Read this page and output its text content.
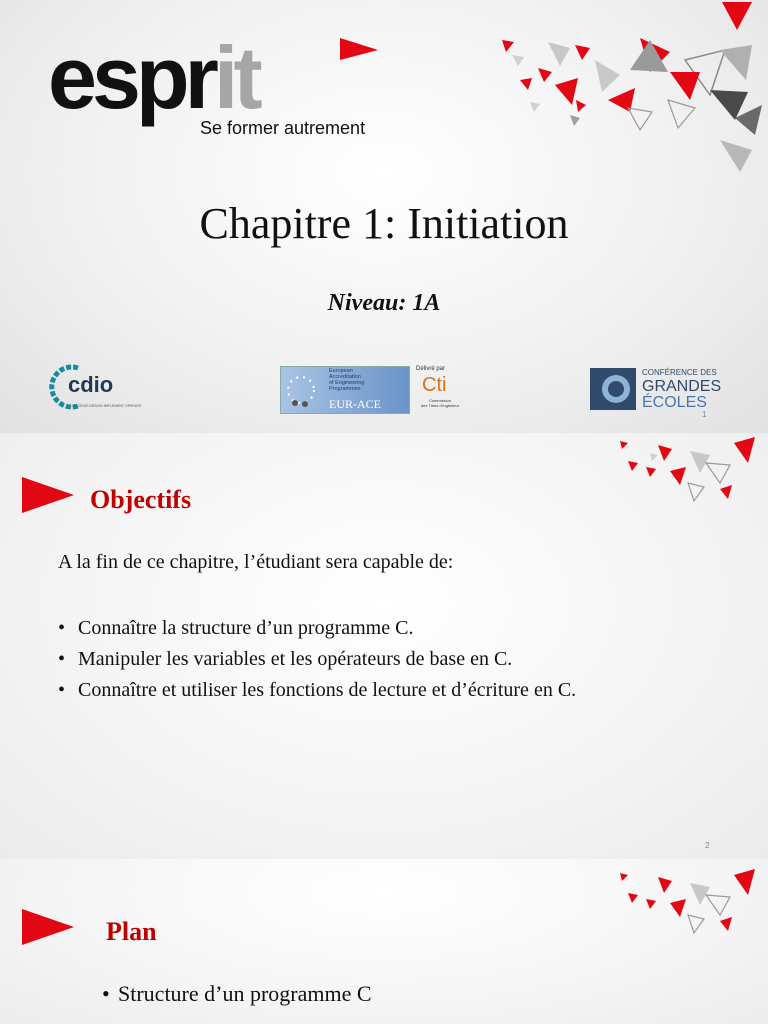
esprit
Se former autrement
Chapitre 1: Initiation
Niveau: 1A
cdio
CONCEIVE DESIGN IMPLEMENT OPERATE
European
Accreditation
of Engineering
Programmes
EUR-ACE
Délivré par
Cti
Commission
des Titres d'Ingénieur
CONFÉRENCE DES
GRANDES
ÉCOLES
1
Objectifs
A la fin de ce chapitre, l’étudiant sera capable de:
• Connaître la structure d’un programme C.
• Manipuler les variables et les opérateurs de base en C.
• Connaître et utiliser les fonctions de lecture et d’écriture en C.
2
Plan
• Structure d’un programme C
